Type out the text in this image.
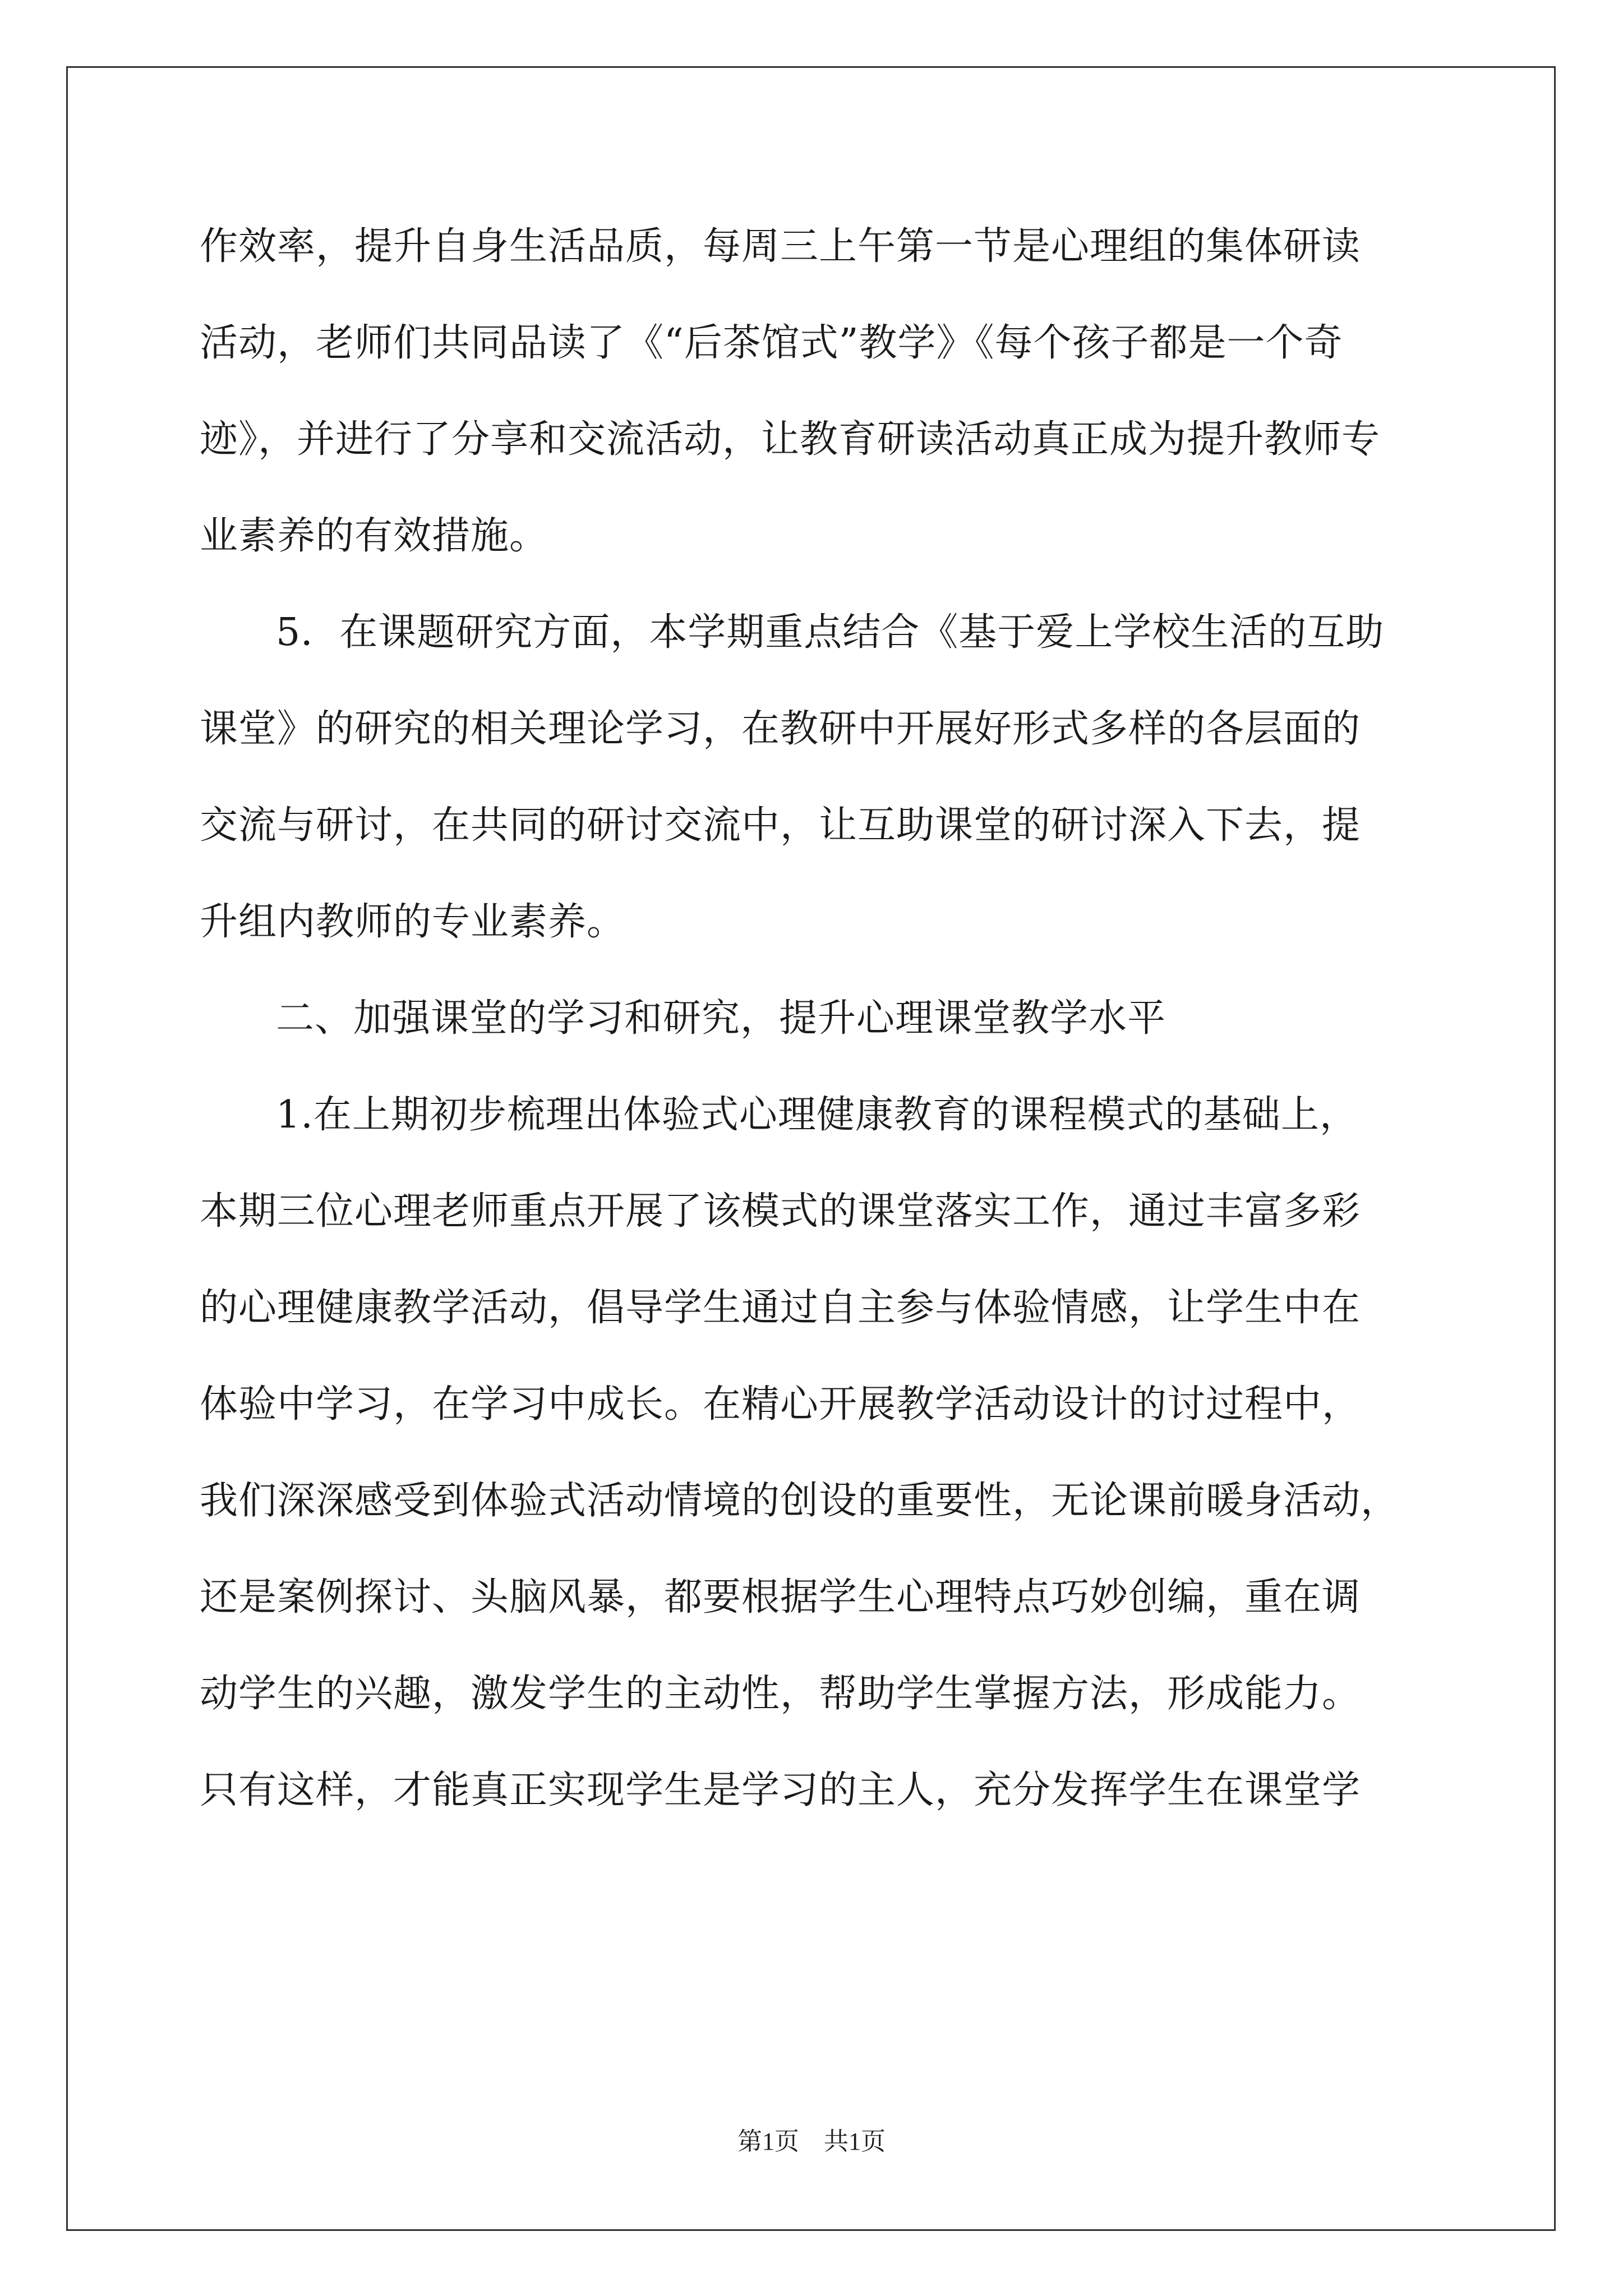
作效率，提升自身生活品质，每周三上午第一节是心理组的集体研读
活动，老师们共同品读了《“后茶馆式”教学》《每个孩子都是一个奇
迹》，并进行了分享和交流活动，让教育研读活动真正成为提升教师专
业素养的有效措施。
5．在课题研究方面，本学期重点结合《基于爱上学校生活的互助
课堂》的研究的相关理论学习，在教研中开展好形式多样的各层面的
交流与研讨，在共同的研讨交流中，让互助课堂的研讨深入下去，提
升组内教师的专业素养。
二、加强课堂的学习和研究，提升心理课堂教学水平
1.在上期初步梳理出体验式心理健康教育的课程模式的基础上，
本期三位心理老师重点开展了该模式的课堂落实工作，通过丰富多彩
的心理健康教学活动，倡导学生通过自主参与体验情感，让学生中在
体验中学习，在学习中成长。在精心开展教学活动设计的讨过程中，
我们深深感受到体验式活动情境的创设的重要性，无论课前暖身活动，
还是案例探讨、头脑风暴，都要根据学生心理特点巧妙创编，重在调
动学生的兴趣，激发学生的主动性，帮助学生掌握方法，形成能力。
只有这样，才能真正实现学生是学习的主人，充分发挥学生在课堂学
第1页　共1页
